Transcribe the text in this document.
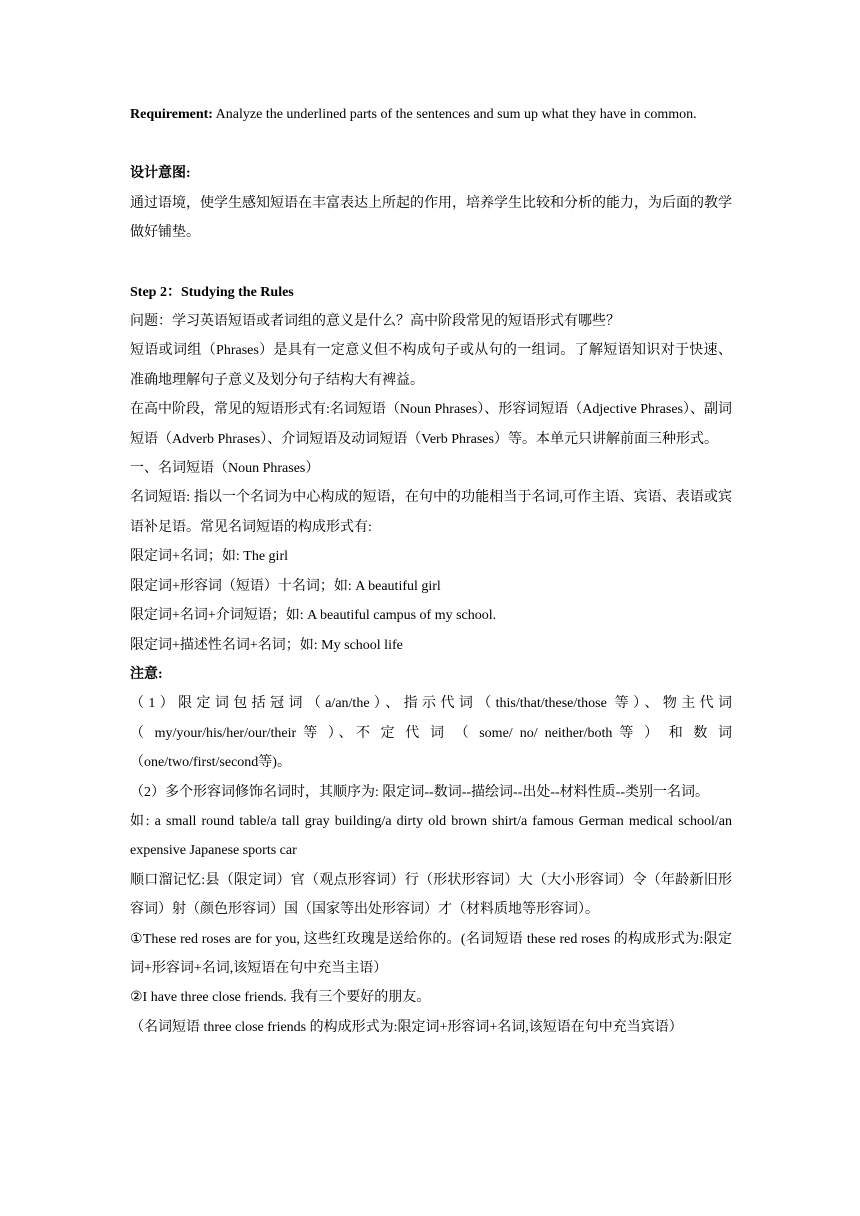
Requirement: Analyze the underlined parts of the sentences and sum up what they have in common.

设计意图:

通过语境，使学生感知短语在丰富表达上所起的作用，培养学生比较和分析的能力，为后面的教学做好铺垫。

Step 2：Studying the Rules

问题：学习英语短语或者词组的意义是什么？高中阶段常见的短语形式有哪些？

短语或词组（Phrases）是具有一定意义但不构成句子或从句的一组词。了解短语知识对于快速、准确地理解句子意义及划分句子结构大有裨益。

在高中阶段，常见的短语形式有:名词短语（Noun Phrases）、形容词短语（Adjective Phrases）、副词短语（Adverb Phrases）、介词短语及动词短语（Verb Phrases）等。本单元只讲解前面三种形式。

一、名词短语（Noun Phrases）

名词短语: 指以一个名词为中心构成的短语，在句中的功能相当于名词,可作主语、宾语、表语或宾语补足语。常见名词短语的构成形式有:

限定词+名词；如: The girl

限定词+形容词（短语）十名词；如: A beautiful girl

限定词+名词+介词短语；如: A beautiful campus of my school.

限定词+描述性名词+名词；如: My school life

注意:

（1）限定词包括冠词（a/an/the）、指示代词（this/that/these/those 等）、物主代词

（ my/your/his/her/our/their 等 ）、不 定 代 词 （ some/ no/ neither/both 等 ） 和 数 词

（one/two/first/second等)。

（2）多个形容词修饰名词时，其顺序为: 限定词--数词--描绘词--出处--材料性质--类别一名词。

如: a small round table/a tall gray building/a dirty old brown shirt/a famous German medical school/an expensive Japanese sports car

顺口溜记忆:县（限定词）官（观点形容词）行（形状形容词）大（大小形容词）令（年龄新旧形容词）射（颜色形容词）国（国家等出处形容词）才（材料质地等形容词）。

①These red roses are for you, 这些红玫瑰是送给你的。(名词短语 these red roses 的构成形式为:限定词+形容词+名词,该短语在句中充当主语）

②I have three close friends. 我有三个要好的朋友。

（名词短语 three close friends 的构成形式为:限定词+形容词+名词,该短语在句中充当宾语）
